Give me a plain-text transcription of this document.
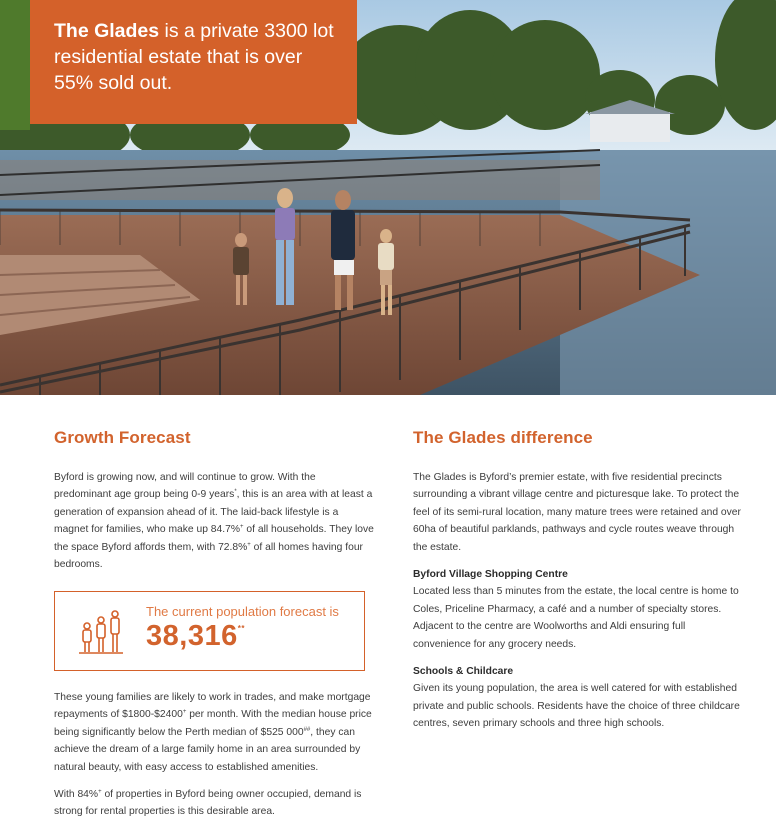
The Glades is a private 3300 lot residential estate that is over 55% sold out.
Growth Forecast

Byford is growing now, and will continue to grow. With the predominant age group being 0-9 years*, this is an area with at least a generation of expansion ahead of it. The laid-back lifestyle is a magnet for families, who make up 84.7%+ of all households. They love the space Byford affords them, with 72.8%+ of all homes having four bedrooms.

The current population forecast is
38,316**

These young families are likely to work in trades, and make mortgage repayments of $1800-$2400+ per month. With the median house price being significantly below the Perth median of $525 000##, they can achieve the dream of a large family home in an area surrounded by natural beauty, with easy access to established amenities.

With 84%+ of properties in Byford being owner occupied, demand is strong for rental properties is this desirable area.

The Glades difference

The Glades is Byford’s premier estate, with five residential precincts surrounding a vibrant village centre and picturesque lake. To protect the feel of its semi-rural location, many mature trees were retained and over 60ha of beautiful parklands, pathways and cycle routes weave through the estate.

Byford Village Shopping Centre

Located less than 5 minutes from the estate, the local centre is home to Coles, Priceline Pharmacy, a café and a number of specialty stores. Adjacent to the centre are Woolworths and Aldi ensuring full convenience for any grocery needs.

Schools & Childcare

Given its young population, the area is well catered for with established private and public schools. Residents have the choice of three childcare centres, seven primary schools and three high schools.
